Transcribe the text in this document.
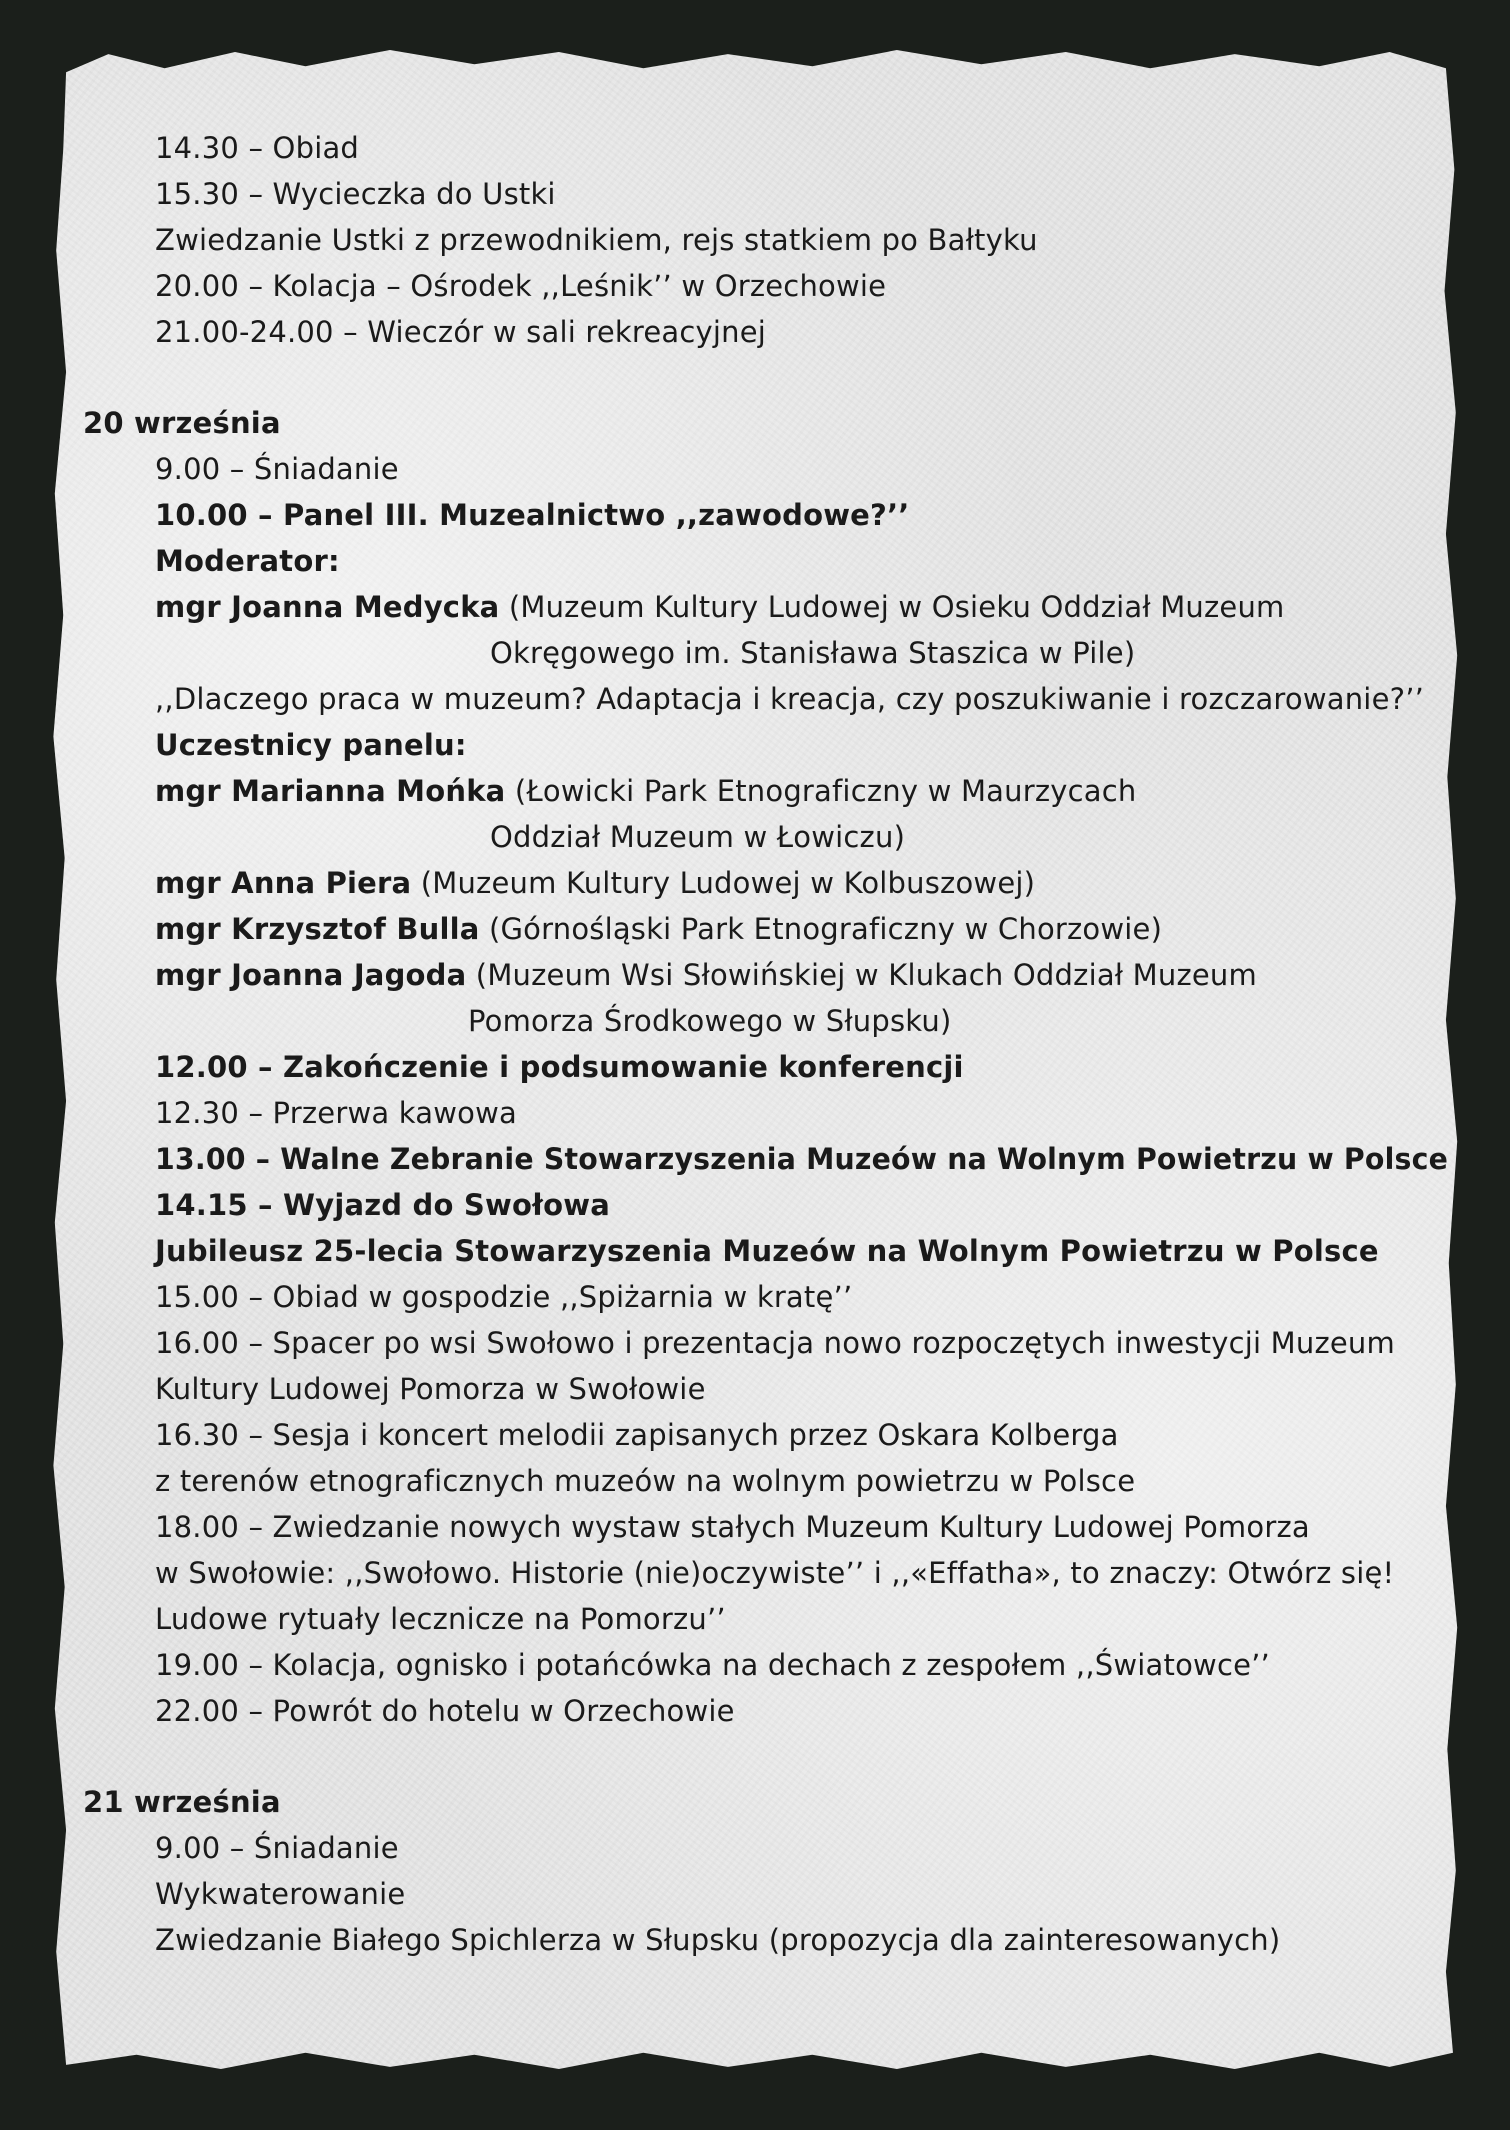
14.30 – Obiad
15.30 – Wycieczka do Ustki
Zwiedzanie Ustki z przewodnikiem, rejs statkiem po Bałtyku
20.00 – Kolacja – Ośrodek ,,Leśnik’’ w Orzechowie
21.00-24.00 – Wieczór w sali rekreacyjnej
20 września
9.00 – Śniadanie
10.00 – Panel III. Muzealnictwo ,,zawodowe?’’
Moderator:
mgr Joanna Medycka (Muzeum Kultury Ludowej w Osieku Oddział Muzeum
Okręgowego im. Stanisława Staszica w Pile)
,,Dlaczego praca w muzeum? Adaptacja i kreacja, czy poszukiwanie i rozczarowanie?’’
Uczestnicy panelu:
mgr Marianna Mońka (Łowicki Park Etnograficzny w Maurzycach
Oddział Muzeum w Łowiczu)
mgr Anna Piera (Muzeum Kultury Ludowej w Kolbuszowej)
mgr Krzysztof Bulla (Górnośląski Park Etnograficzny w Chorzowie)
mgr Joanna Jagoda (Muzeum Wsi Słowińskiej w Klukach Oddział Muzeum
Pomorza Środkowego w Słupsku)
12.00 – Zakończenie i podsumowanie konferencji
12.30 – Przerwa kawowa
13.00 – Walne Zebranie Stowarzyszenia Muzeów na Wolnym Powietrzu w Polsce
14.15 – Wyjazd do Swołowa
Jubileusz 25-lecia Stowarzyszenia Muzeów na Wolnym Powietrzu w Polsce
15.00 – Obiad w gospodzie ,,Spiżarnia w kratę’’
16.00 – Spacer po wsi Swołowo i prezentacja nowo rozpoczętych inwestycji Muzeum
Kultury Ludowej Pomorza w Swołowie
16.30 – Sesja i koncert melodii zapisanych przez Oskara Kolberga
z terenów etnograficznych muzeów na wolnym powietrzu w Polsce
18.00 – Zwiedzanie nowych wystaw stałych Muzeum Kultury Ludowej Pomorza
w Swołowie: ,,Swołowo. Historie (nie)oczywiste’’ i ,,«Effatha», to znaczy: Otwórz się!
Ludowe rytuały lecznicze na Pomorzu’’
19.00 – Kolacja, ognisko i potańcówka na dechach z zespołem ,,Światowce’’
22.00 – Powrót do hotelu w Orzechowie
21 września
9.00 – Śniadanie
Wykwaterowanie
Zwiedzanie Białego Spichlerza w Słupsku (propozycja dla zainteresowanych)
